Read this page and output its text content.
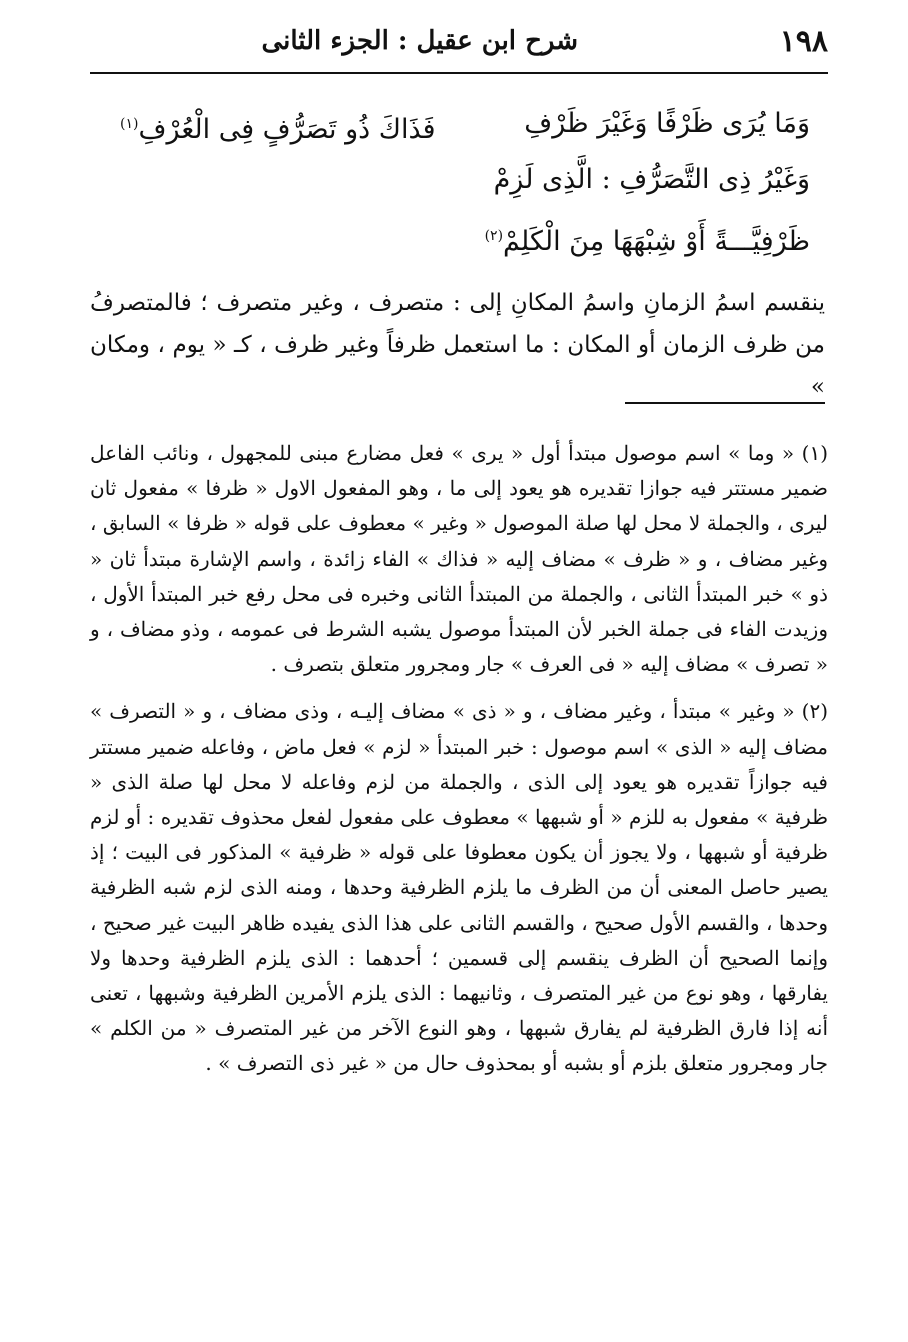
١٩٨
شرح ابن عقيل : الجزء الثانى
وَمَا يُرَى ظَرْفًا وَغَيْرَ ظَرْفِ
فَذَاكَ ذُو تَصَرُّفٍ فِى الْعُرْفِ$^{(١)}$
وَغَيْرُ ذِى التَّصَرُّفِ : الَّذِى لَزِمْ
ظَرْفِيَّـــةً أَوْ شِبْهَهَا مِنَ الْكَلِمْ$^{(٢)}$

ينقسم اسمُ الزمانِ واسمُ المكانِ إلى : متصرف ، وغير متصرف ؛ فالمتصرفُ من ظرف الزمان أو المكان : ما استعمل ظرفاً وغير ظرف ، كـ « يوم ، ومكان »

(١) « وما » اسم موصول مبتدأ أول « يرى » فعل مضارع مبنى للمجهول ، ونائب الفاعل ضمير مستتر فيه جوازا تقديره هو يعود إلى ما ، وهو المفعول الاول « ظرفا » مفعول ثان ليرى ، والجملة لا محل لها صلة الموصول « وغير » معطوف على قوله « ظرفا » السابق ، وغير مضاف ، و « ظرف » مضاف إليه « فذاك » الفاء زائدة ، واسم الإشارة مبتدأ ثان « ذو » خبر المبتدأ الثانى ، والجملة من المبتدأ الثانى وخبره فى محل رفع خبر المبتدأ الأول ، وزيدت الفاء فى جملة الخبر لأن المبتدأ موصول يشبه الشرط فى عمومه ، وذو مضاف ، و « تصرف » مضاف إليه « فى العرف » جار ومجرور متعلق بتصرف .

(٢) « وغير » مبتدأ ، وغير مضاف ، و « ذى » مضاف إليـه ، وذى مضاف ، و « التصرف » مضاف إليه « الذى » اسم موصول : خبر المبتدأ « لزم » فعل ماض ، وفاعله ضمير مستتر فيه جوازاً تقديره هو يعود إلى الذى ، والجملة من لزم وفاعله لا محل لها صلة الذى « ظرفية » مفعول به للزم « أو شبهها » معطوف على مفعول لفعل محذوف تقديره : أو لزم ظرفية أو شبهها ، ولا يجوز أن يكون معطوفا على قوله « ظرفية » المذكور فى البيت ؛ إذ يصير حاصل المعنى أن من الظرف ما يلزم الظرفية وحدها ، ومنه الذى لزم شبه الظرفية وحدها ، والقسم الأول صحيح ، والقسم الثانى على هذا الذى يفيده ظاهر البيت غير صحيح ، وإنما الصحيح أن الظرف ينقسم إلى قسمين ؛ أحدهما : الذى يلزم الظرفية وحدها ولا يفارقها ، وهو نوع من غير المتصرف ، وثانيهما : الذى يلزم الأمرين الظرفية وشبهها ، تعنى أنه إذا فارق الظرفية لم يفارق شبهها ، وهو النوع الآخر من غير المتصرف « من الكلم » جار ومجرور متعلق بلزم أو بشبه أو بمحذوف حال من « غير ذى التصرف » .
